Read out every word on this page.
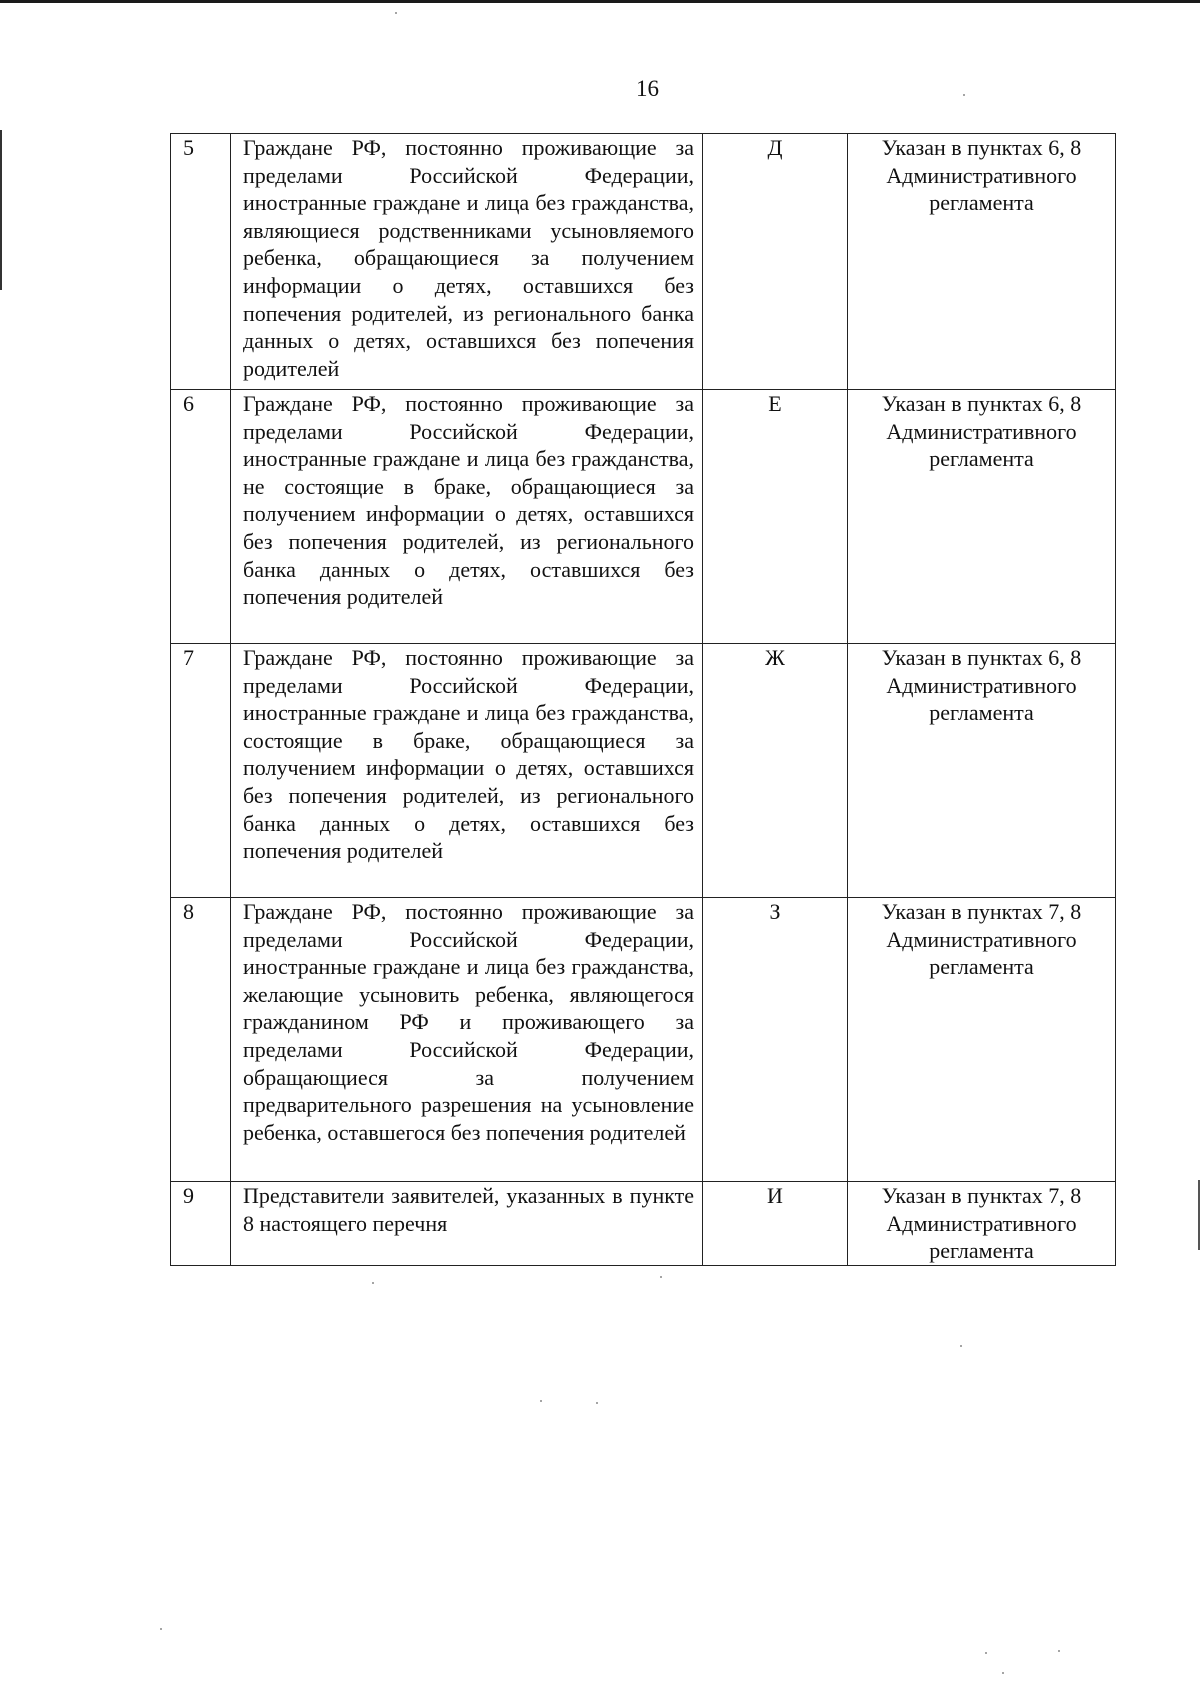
16
5	Граждане РФ, постоянно проживающие за пределами Российской Федерации, иностранные граждане и лица без гражданства, являющиеся родственниками усыновляемого ребенка, обращающиеся за получением информации о детях, оставшихся без попечения родителей, из регионального банка данных о детях, оставшихся без попечения родителей	Д	Указан в пунктах 6, 8 Административного регламента

6	Граждане РФ, постоянно проживающие за пределами Российской Федерации, иностранные граждане и лица без гражданства, не состоящие в браке, обращающиеся за получением информации о детях, оставшихся без попечения родителей, из регионального банка данных о детях, оставшихся без попечения родителей	Е	Указан в пунктах 6, 8 Административного регламента

7	Граждане РФ, постоянно проживающие за пределами Российской Федерации, иностранные граждане и лица без гражданства, состоящие в браке, обращающиеся за получением информации о детях, оставшихся без попечения родителей, из регионального банка данных о детях, оставшихся без попечения родителей	Ж	Указан в пунктах 6, 8 Административного регламента

8	Граждане РФ, постоянно проживающие за пределами Российской Федерации, иностранные граждане и лица без гражданства, желающие усыновить ребенка, являющегося гражданином РФ и проживающего за пределами Российской Федерации, обращающиеся за получением предварительного разрешения на усыновление ребенка, оставшегося без попечения родителей	З	Указан в пунктах 7, 8 Административного регламента

9	Представители заявителей, указанных в пункте 8 настоящего перечня	И	Указан в пунктах 7, 8 Административного регламента
